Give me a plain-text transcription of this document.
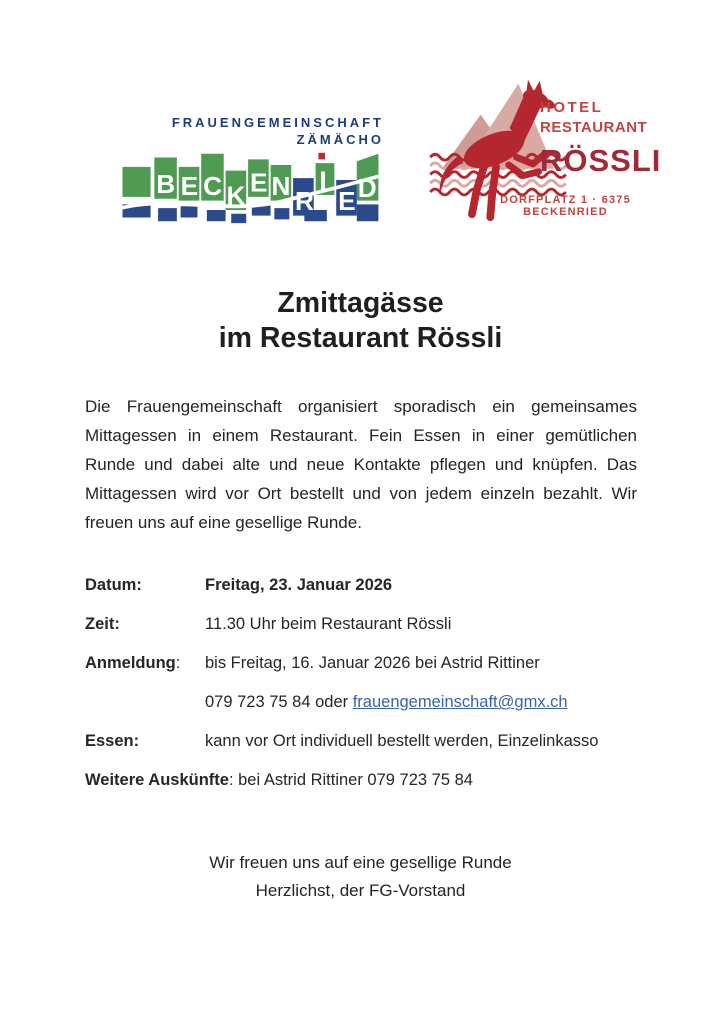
FRAUENGEMEINSCHAFT
ZÄMÄCHO
B E C K E N R
I
E D
HOTEL
RESTAURANT
RÖSSLI
DORFPLATZ 1 · 6375 BECKENRIED
Zmittagässe
im Restaurant Rössli

Die Frauengemeinschaft organisiert sporadisch ein gemeinsames Mittagessen in einem Restaurant. Fein Essen in einer gemütlichen Runde und dabei alte und neue Kontakte pflegen und knüpfen. Das Mittagessen wird vor Ort bestellt und von jedem einzeln bezahlt. Wir freuen uns auf eine gesellige Runde.

Datum:	Freitag, 23. Januar 2026
Zeit:	11.30 Uhr beim Restaurant Rössli
Anmeldung:	bis Freitag, 16. Januar 2026 bei Astrid Rittiner
079 723 75 84 oder frauengemeinschaft@gmx.ch
Essen:	kann vor Ort individuell bestellt werden, Einzelinkasso
Weitere Auskünfte: bei Astrid Rittiner 079 723 75 84
Wir freuen uns auf eine gesellige Runde
Herzlichst, der FG-Vorstand
